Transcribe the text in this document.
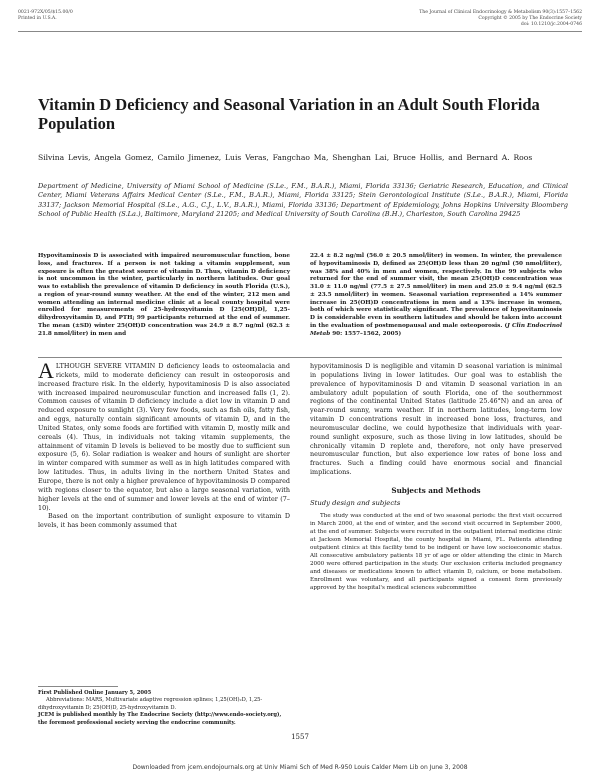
0021-972X/05/$15.00/0
Printed in U.S.A.
The Journal of Clinical Endocrinology & Metabolism 90(3):1557–1562
Copyright © 2005 by The Endocrine Society
doi: 10.1210/jc.2004-0746
Vitamin D Deficiency and Seasonal Variation in an Adult South Florida Population
Silvina Levis, Angela Gomez, Camilo Jimenez, Luis Veras, Fangchao Ma, Shenghan Lai, Bruce Hollis, and Bernard A. Roos
Department of Medicine, University of Miami School of Medicine (S.Le., F.M., B.A.R.), Miami, Florida 33136; Geriatric Research, Education, and Clinical Center, Miami Veterans Affairs Medical Center (S.Le., F.M., B.A.R.), Miami, Florida 33125; Stein Gerontological Institute (S.Le., B.A.R.), Miami, Florida 33137; Jackson Memorial Hospital (S.Le., A.G., C.J., L.V., B.A.R.), Miami, Florida 33136; Department of Epidemiology, Johns Hopkins University Bloomberg School of Public Health (S.La.), Baltimore, Maryland 21205; and Medical University of South Carolina (B.H.), Charleston, South Carolina 29425
Hypovitaminosis D is associated with impaired neuromuscular function, bone loss, and fractures. If a person is not taking a vitamin supplement, sun exposure is often the greatest source of vitamin D. Thus, vitamin D deficiency is not uncommon in the winter, particularly in northern latitudes. Our goal was to establish the prevalence of vitamin D deficiency in south Florida (U.S.), a region of year-round sunny weather. At the end of the winter, 212 men and women attending an internal medicine clinic at a local county hospital were enrolled for measurements of 25-hydroxyvitamin D [25(OH)D], 1,25-dihydroxyvitamin D, and PTH; 99 participants returned at the end of summer. The mean (±SD) winter 25(OH)D concentration was 24.9 ± 8.7 ng/ml (62.3 ± 21.8 nmol/liter) in men and
22.4 ± 8.2 ng/ml (56.0 ± 20.5 nmol/liter) in women. In winter, the prevalence of hypovitaminosis D, defined as 25(OH)D less than 20 ng/ml (50 nmol/liter), was 38% and 40% in men and women, respectively. In the 99 subjects who returned for the end of summer visit, the mean 25(OH)D concentration was 31.0 ± 11.0 ng/ml (77.5 ± 27.5 nmol/liter) in men and 25.0 ± 9.4 ng/ml (62.5 ± 23.5 nmol/liter) in women. Seasonal variation represented a 14% summer increase in 25(OH)D concentrations in men and a 13% increase in women, both of which were statistically significant. The prevalence of hypovitaminosis D is considerable even in southern latitudes and should be taken into account in the evaluation of postmenopausal and male osteoporosis. (J Clin Endocrinol Metab 90: 1557–1562, 2005)

ALTHOUGH SEVERE VITAMIN D deficiency leads to osteomalacia and rickets, mild to moderate deficiency can result in osteoporosis and increased fracture risk. In the elderly, hypovitaminosis D is also associated with increased impaired neuromuscular function and increased falls (1, 2). Common causes of vitamin D deficiency include a diet low in vitamin D and reduced exposure to sunlight (3). Very few foods, such as fish oils, fatty fish, and eggs, naturally contain significant amounts of vitamin D, and in the United States, only some foods are fortified with vitamin D, mostly milk and cereals (4). Thus, in individuals not taking vitamin supplements, the attainment of vitamin D levels is believed to be mostly due to sufficient sun exposure (5, 6). Solar radiation is weaker and hours of sunlight are shorter in winter compared with summer as well as in high latitudes compared with low latitudes. Thus, in adults living in the northern United States and Europe, there is not only a higher prevalence of hypovitaminosis D compared with regions closer to the equator, but also a large seasonal variation, with higher levels at the end of summer and lower levels at the end of winter (7–10).

Based on the important contribution of sunlight exposure to vitamin D levels, it has been commonly assumed that

hypovitaminosis D is negligible and vitamin D seasonal variation is minimal in populations living in lower latitudes. Our goal was to establish the prevalence of hypovitaminosis D and vitamin D seasonal variation in an ambulatory adult population of south Florida, one of the southernmost regions of the continental United States (latitude 25.46°N) and an area of year-round sunny, warm weather. If in northern latitudes, long-term low vitamin D concentrations result in increased bone loss, fractures, and neuromuscular decline, we could hypothesize that individuals with year-round sunlight exposure, such as those living in low latitudes, should be chronically vitamin D replete and, therefore, not only have preserved neuromuscular function, but also experience low rates of bone loss and fractures. Such a finding could have enormous social and financial implications.

Subjects and Methods
Study design and subjects

The study was conducted at the end of two seasonal periods: the first visit occurred in March 2000, at the end of winter, and the second visit occurred in September 2000, at the end of summer. Subjects were recruited in the outpatient internal medicine clinic at Jackson Memorial Hospital, the county hospital in Miami, FL. Patients attending outpatient clinics at this facility tend to be indigent or have low socioeconomic status. All consecutive ambulatory patients 18 yr of age or older attending the clinic in March 2000 were offered participation in the study. Our exclusion criteria included pregnancy and diseases or medications known to affect vitamin D, calcium, or bone metabolism. Enrollment was voluntary, and all participants signed a consent form previously approved by the hospital's medical sciences subcommittee

First Published Online January 5, 2005
Abbreviations: MARS, Multivariate adaptive regression splines; 1,25(OH)₂D, 1,25-dihydroxyvitamin D; 25(OH)D, 25-hydroxyvitamin D.
JCEM is published monthly by The Endocrine Society (http://www.endo-society.org), the foremost professional society serving the endocrine community.
1557
Downloaded from jcem.endojournals.org at Univ Miami Sch of Med R-950 Louis Calder Mem Lib on June 3, 2008
